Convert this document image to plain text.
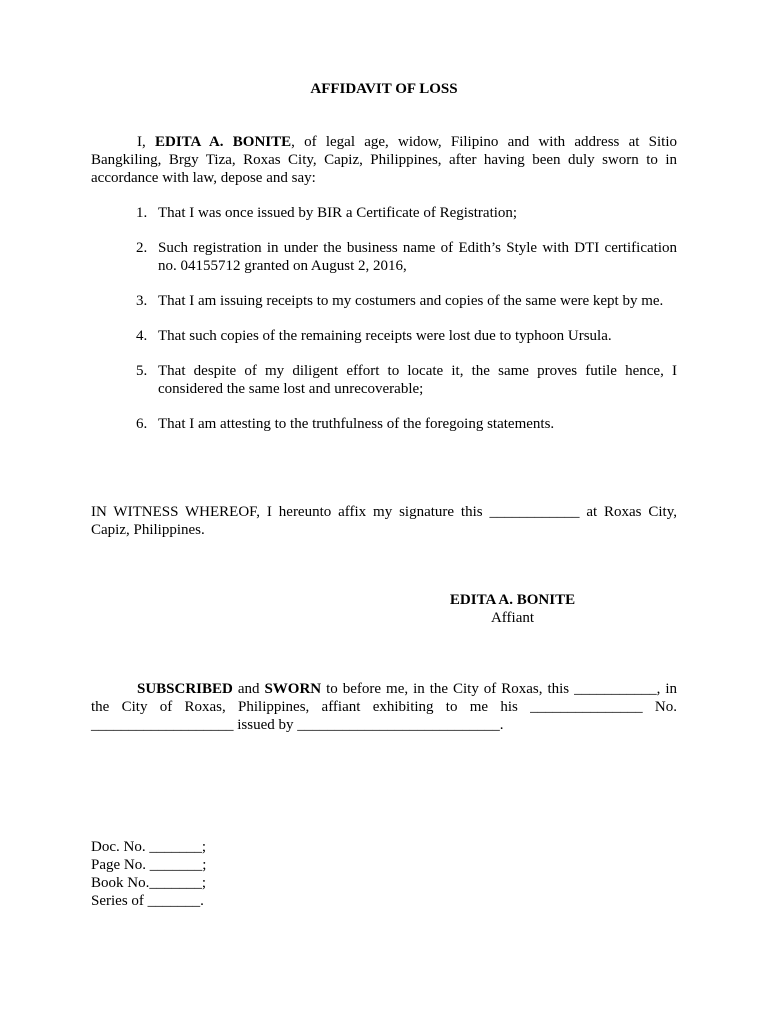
AFFIDAVIT OF LOSS
I, EDITA A. BONITE, of legal age, widow, Filipino and with address at Sitio Bangkiling, Brgy Tiza, Roxas City, Capiz, Philippines, after having been duly sworn to in accordance with law, depose and say:
1. That I was once issued by BIR a Certificate of Registration;
2. Such registration in under the business name of Edith’s Style with DTI certification no. 04155712 granted on August 2, 2016,
3. That I am issuing receipts to my costumers and copies of the same were kept by me.
4. That such copies of the remaining receipts were lost due to typhoon Ursula.
5. That despite of my diligent effort to locate it, the same proves futile hence, I considered the same lost and unrecoverable;
6. That I am attesting to the truthfulness of the foregoing statements.
IN WITNESS WHEREOF, I hereunto affix my signature this ____________ at Roxas City, Capiz, Philippines.
EDITA A. BONITE
Affiant
SUBSCRIBED and SWORN to before me, in the City of Roxas, this ___________, in the City of Roxas, Philippines, affiant exhibiting to me his _______________ No. ___________________ issued by ___________________________.
Doc. No. _______;
Page No. _______;
Book No._______;
Series of _______.
